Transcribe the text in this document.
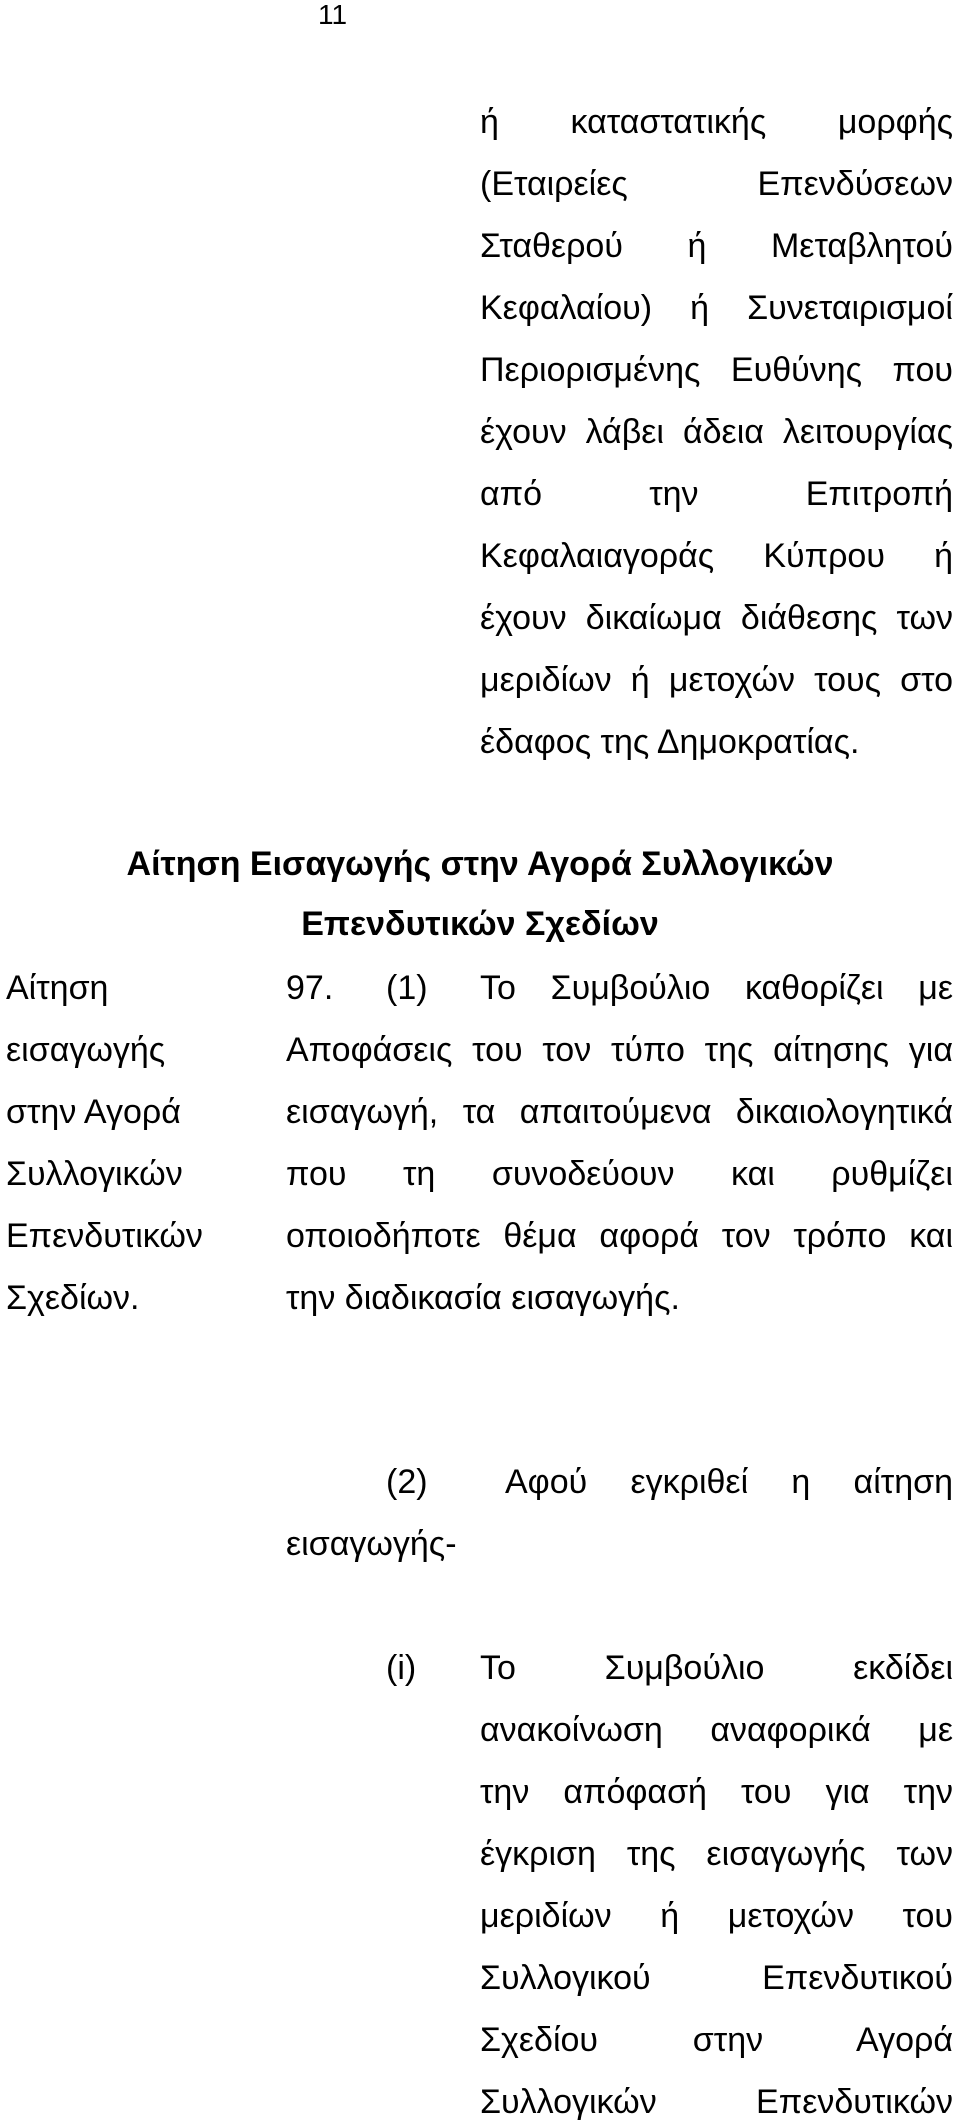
11
ή καταστατικής μορφής
(Εταιρείες Επενδύσεων
Σταθερού ή Μεταβλητού
Κεφαλαίου) ή Συνεταιρισμοί
Περιορισμένης Ευθύνης που
έχουν λάβει άδεια λειτουργίας
από την Επιτροπή
Κεφαλαιαγοράς Κύπρου ή
έχουν δικαίωμα διάθεσης των
μεριδίων ή μετοχών τους στο
έδαφος της Δημοκρατίας.
Αίτηση Εισαγωγής στην Αγορά Συλλογικών
Επενδυτικών Σχεδίων
Αίτηση
εισαγωγής
στην Αγορά
Συλλογικών
Επενδυτικών
Σχεδίων.
97. (1) Το Συμβούλιο καθορίζει με
Αποφάσεις του τον τύπο της αίτησης για
εισαγωγή, τα απαιτούμενα δικαιολογητικά
που τη συνοδεύουν και ρυθμίζει
οποιοδήποτε θέμα αφορά τον τρόπο και
την διαδικασία εισαγωγής.
(2) Αφού εγκριθεί η αίτηση
εισαγωγής-
(i) Το Συμβούλιο εκδίδει
ανακοίνωση αναφορικά με
την απόφασή του για την
έγκριση της εισαγωγής των
μεριδίων ή μετοχών του
Συλλογικού Επενδυτικού
Σχεδίου στην Αγορά
Συλλογικών Επενδυτικών
